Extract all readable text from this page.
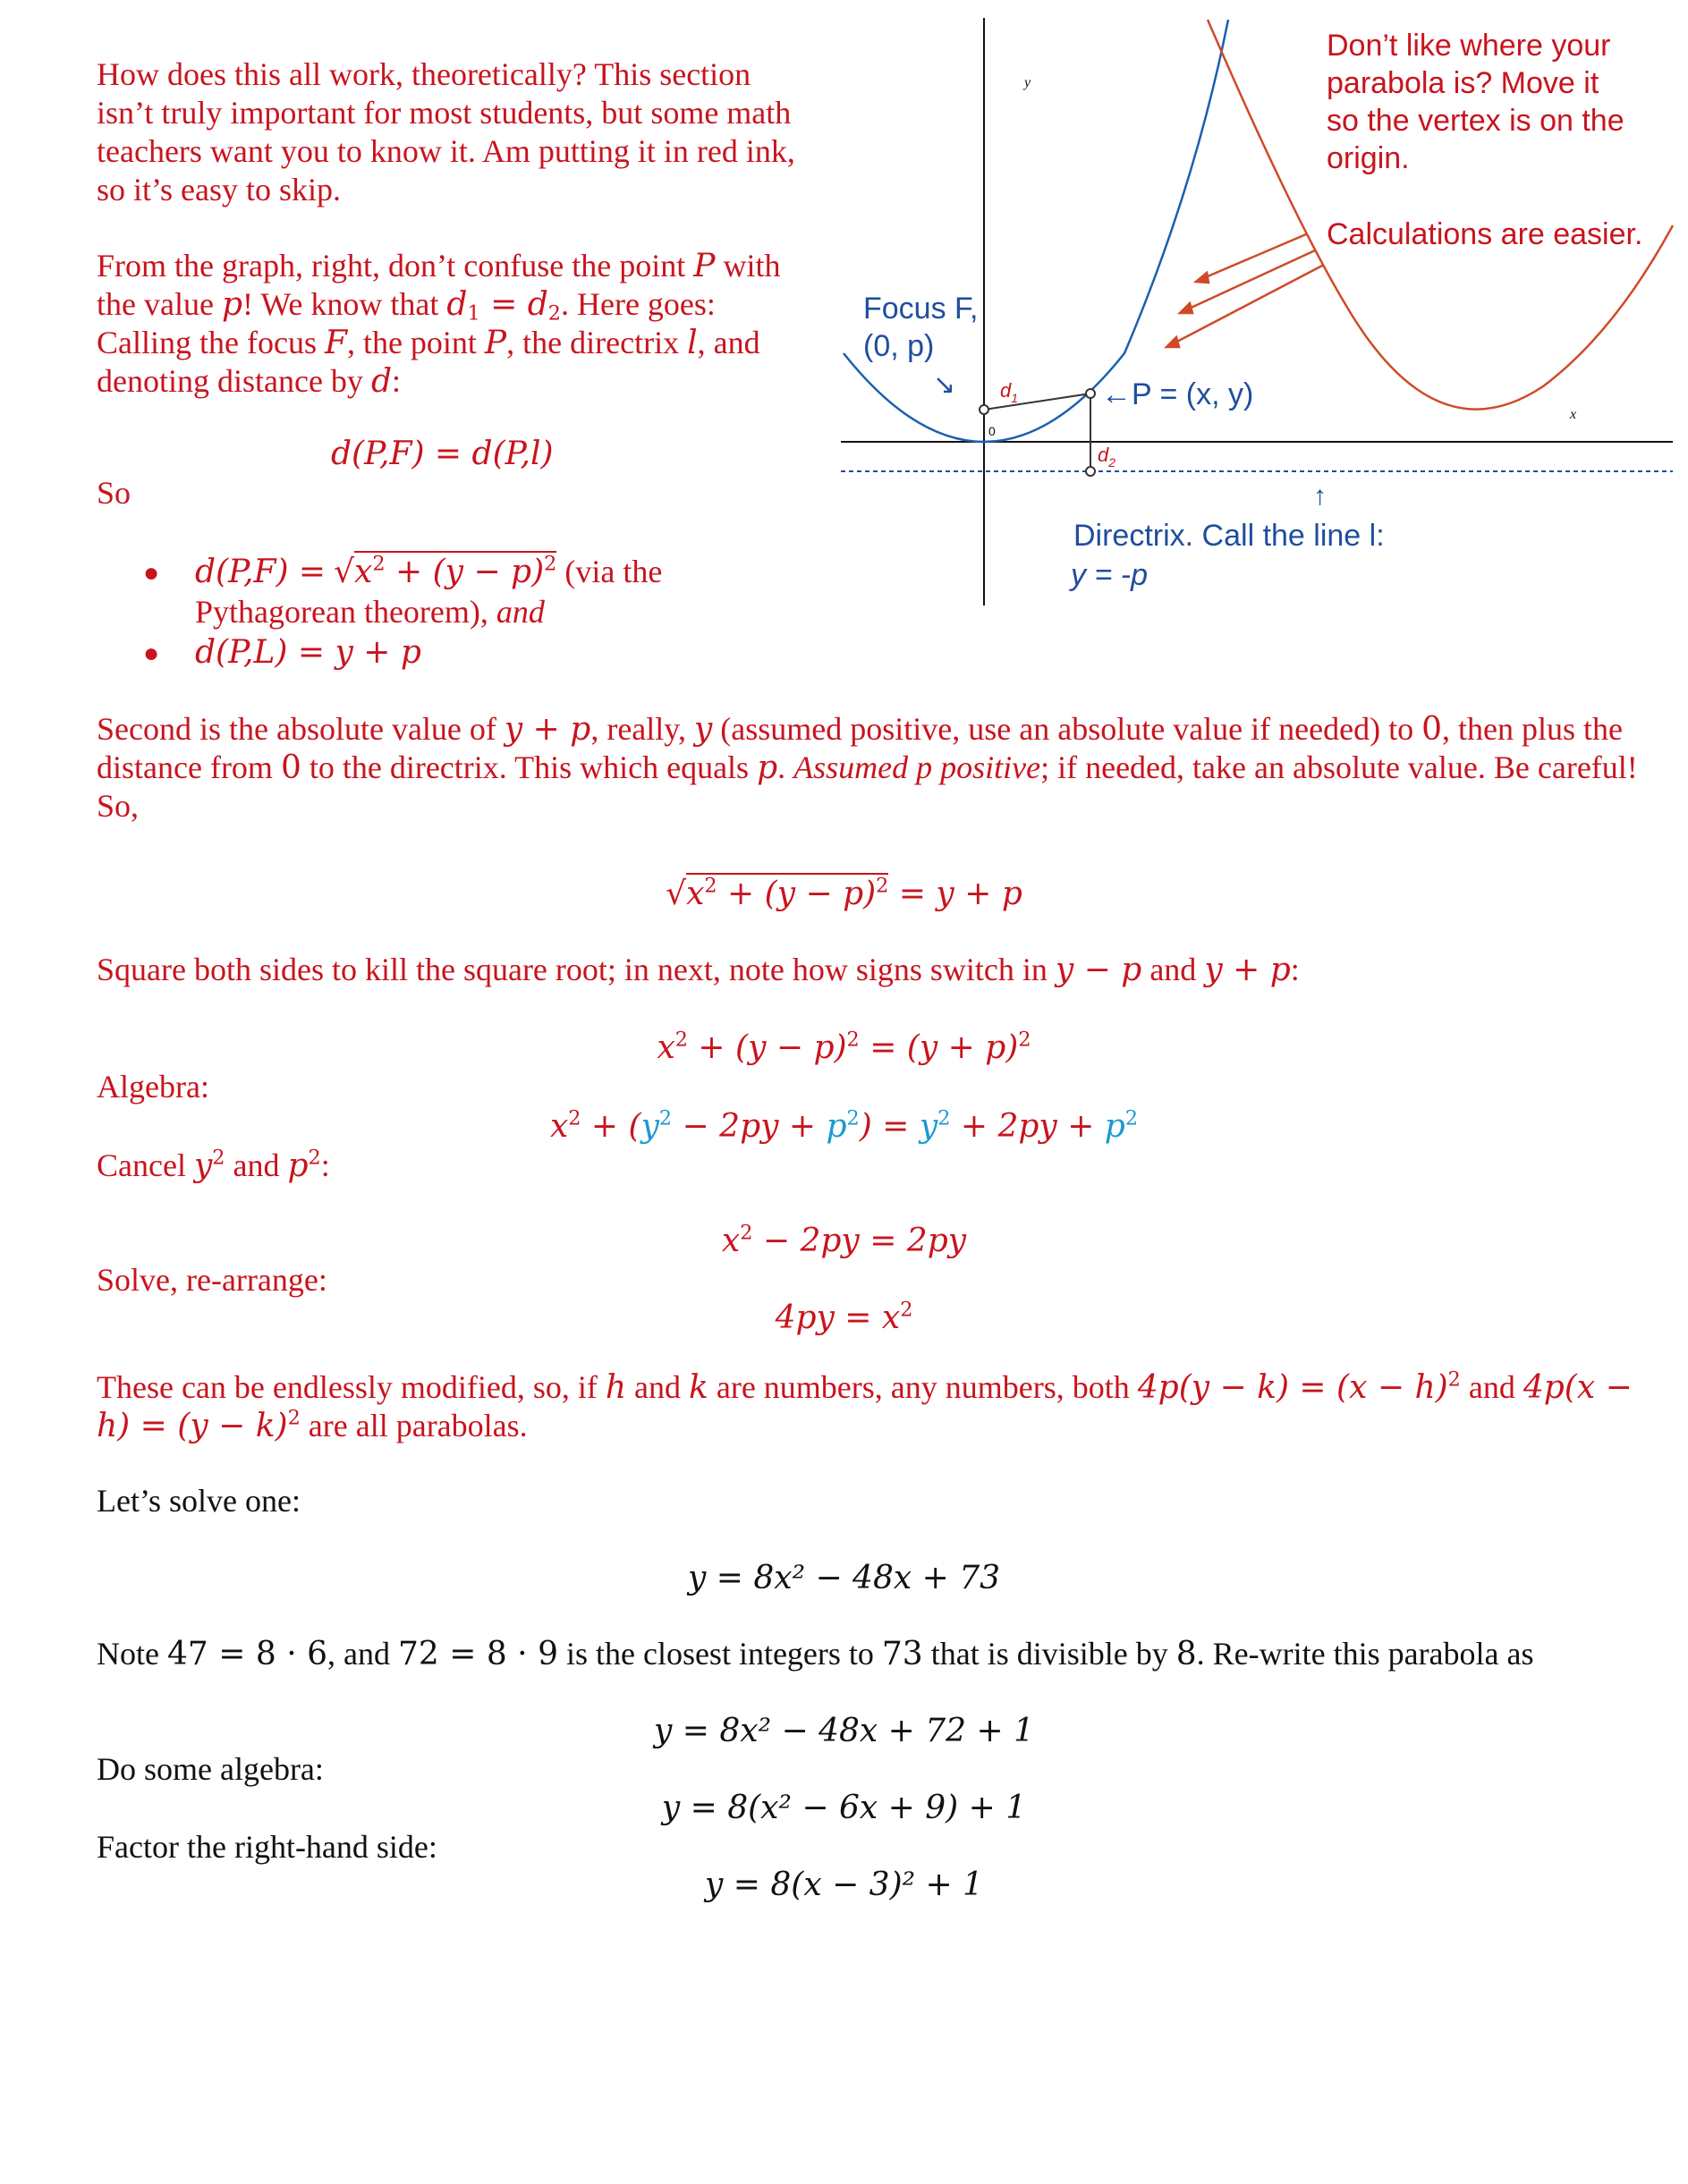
How does this all work, theoretically? This section

isn’t truly important for most students, but some math

teachers want you to know it. Am putting it in red ink,

so it’s easy to skip.

From the graph, right, don’t confuse the point P with

the value p! We know that $d_1 = d_2$. Here goes:

Calling the focus F, the point P, the directrix l, and

denoting distance by d:

d(P,F) = d(P,l)

So

● $d(P,F) = √x^2 + (y - p)^2$ (via the

Pythagorean theorem), and

● d(P,L) = y + p

Second is the absolute value of y + p, really, y (assumed positive, use an absolute value if needed) to 0, then plus the

distance from 0 to the directrix. This which equals p. Assumed p positive; if needed, take an absolute value. Be careful!

So,

$√x^2 + (y - p)^2 = y + p$

Square both sides to kill the square root; in next, note how signs switch in y − p and y + p:

$x^2 + (y - p)^2 = (y + p)^2$

Algebra:

$x^2 + (y^2 - 2py + p^2) = y^2 + 2py + p^2$

Cancel $y^2$ and $p^2$:

$x^2 - 2py = 2py$

Solve, re-arrange:

$4py = x^2$

These can be endlessly modified, so, if h and k are numbers, any numbers, both $4p(y - k) = (x - h)^2$ and 4p(x −

$h) = (y - k)^2$ are all parabolas.

Let’s solve one:

y = 8x² − 48x + 73

Note 47 = 8 · 6, and 72 = 8 · 9 is the closest integers to 73 that is divisible by 8. Re-write this parabola as

y = 8x² − 48x + 72 + 1

Do some algebra:

y = 8(x² − 6x + 9) + 1

Factor the right-hand side:

y = 8(x − 3)² + 1

y
x
0
Don’t like where your
parabola is? Move it
so the vertex is on the
origin.
Calculations are easier.
Focus F,
(0, p)
↘ $d_1$
$d_2$
←P = (x, y)
↑
Directrix. Call the line l:
y = -p
